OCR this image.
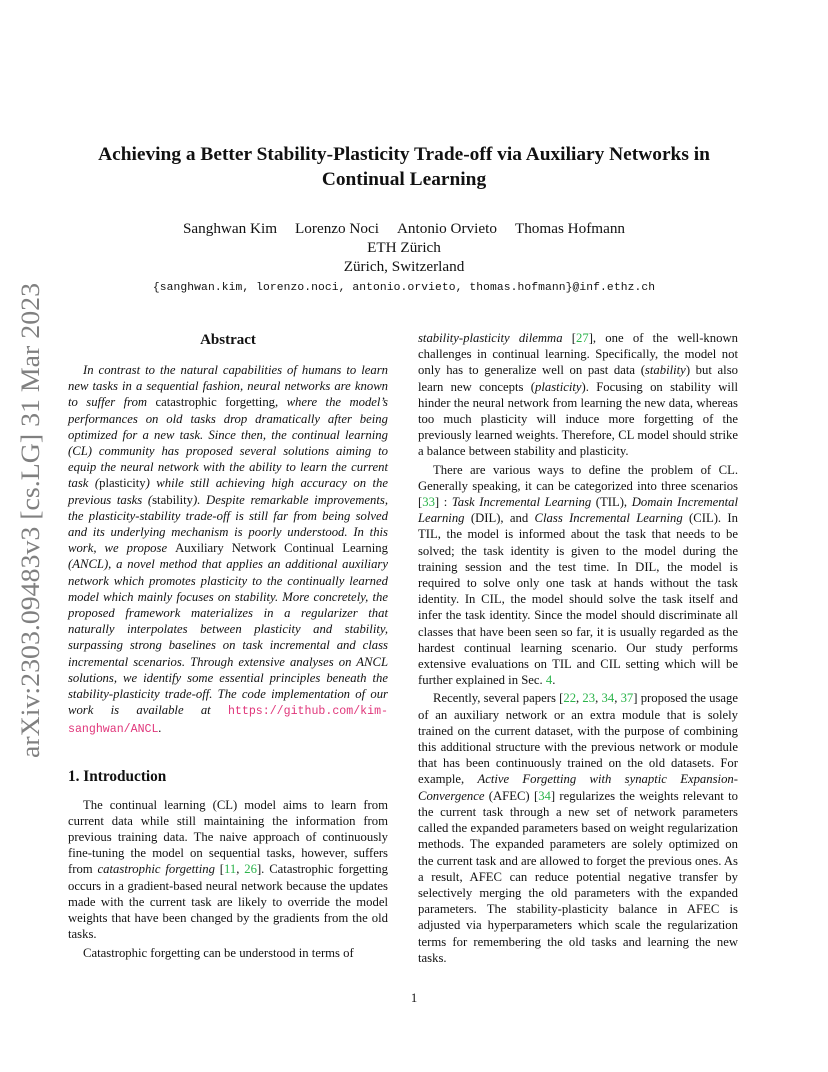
arXiv:2303.09483v3 [cs.LG] 31 Mar 2023
Achieving a Better Stability-Plasticity Trade-off via Auxiliary Networks in
Continual Learning
Sanghwan Kim Lorenzo Noci Antonio Orvieto Thomas Hofmann
ETH Zürich
Zürich, Switzerland
{sanghwan.kim, lorenzo.noci, antonio.orvieto, thomas.hofmann}@inf.ethz.ch
Abstract

In contrast to the natural capabilities of humans to learn new tasks in a sequential fashion, neural networks are known to suffer from catastrophic forgetting, where the model’s performances on old tasks drop dramatically after being optimized for a new task. Since then, the continual learning (CL) community has proposed several solutions aiming to equip the neural network with the ability to learn the current task (plasticity) while still achieving high accuracy on the previous tasks (stability). Despite remarkable improvements, the plasticity-stability trade-off is still far from being solved and its underlying mechanism is poorly understood. In this work, we propose Auxiliary Network Continual Learning (ANCL), a novel method that applies an additional auxiliary network which promotes plasticity to the continually learned model which mainly focuses on stability. More concretely, the proposed framework materializes in a regularizer that naturally interpolates between plasticity and stability, surpassing strong baselines on task incremental and class incremental scenarios. Through extensive analyses on ANCL solutions, we identify some essential principles beneath the stability-plasticity trade-off. The code implementation of our work is available at https://github.com/kim-sanghwan/ANCL.

1. Introduction

The continual learning (CL) model aims to learn from current data while still maintaining the information from previous training data. The naive approach of continuously fine-tuning the model on sequential tasks, however, suffers from catastrophic forgetting [11, 26]. Catastrophic forgetting occurs in a gradient-based neural network because the updates made with the current task are likely to override the model weights that have been changed by the gradients from the old tasks.

Catastrophic forgetting can be understood in terms of

stability-plasticity dilemma [27], one of the well-known challenges in continual learning. Specifically, the model not only has to generalize well on past data (stability) but also learn new concepts (plasticity). Focusing on stability will hinder the neural network from learning the new data, whereas too much plasticity will induce more forgetting of the previously learned weights. Therefore, CL model should strike a balance between stability and plasticity.

There are various ways to define the problem of CL. Generally speaking, it can be categorized into three scenarios [33] : Task Incremental Learning (TIL), Domain Incremental Learning (DIL), and Class Incremental Learning (CIL). In TIL, the model is informed about the task that needs to be solved; the task identity is given to the model during the training session and the test time. In DIL, the model is required to solve only one task at hands without the task identity. In CIL, the model should solve the task itself and infer the task identity. Since the model should discriminate all classes that have been seen so far, it is usually regarded as the hardest continual learning scenario. Our study performs extensive evaluations on TIL and CIL setting which will be further explained in Sec. 4.

Recently, several papers [22, 23, 34, 37] proposed the usage of an auxiliary network or an extra module that is solely trained on the current dataset, with the purpose of combining this additional structure with the previous network or module that has been continuously trained on the old datasets. For example, Active Forgetting with synaptic Expansion-Convergence (AFEC) [34] regularizes the weights relevant to the current task through a new set of network parameters called the expanded parameters based on weight regularization methods. The expanded parameters are solely optimized on the current task and are allowed to forget the previous ones. As a result, AFEC can reduce potential negative transfer by selectively merging the old parameters with the expanded parameters. The stability-plasticity balance in AFEC is adjusted via hyperparameters which scale the regularization terms for remembering the old tasks and learning the new tasks.

1
